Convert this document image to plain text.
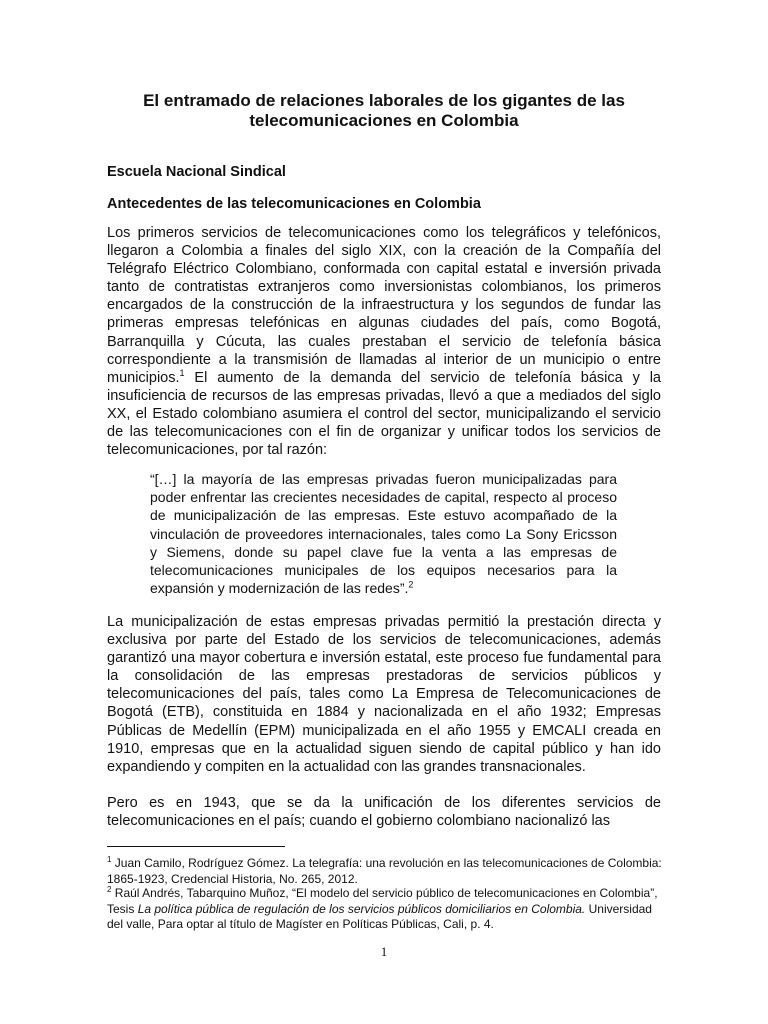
El entramado de relaciones laborales de los gigantes de las telecomunicaciones en Colombia

Escuela Nacional Sindical

Antecedentes de las telecomunicaciones en Colombia

Los primeros servicios de telecomunicaciones como los telegráficos y telefónicos, llegaron a Colombia a finales del siglo XIX, con la creación de la Compañía del Telégrafo Eléctrico Colombiano, conformada con capital estatal e inversión privada tanto de contratistas extranjeros como inversionistas colombianos, los primeros encargados de la construcción de la infraestructura y los segundos de fundar las primeras empresas telefónicas en algunas ciudades del país, como Bogotá, Barranquilla y Cúcuta, las cuales prestaban el servicio de telefonía básica correspondiente a la transmisión de llamadas al interior de un municipio o entre municipios.$^1$ El aumento de la demanda del servicio de telefonía básica y la insuficiencia de recursos de las empresas privadas, llevó a que a mediados del siglo XX, el Estado colombiano asumiera el control del sector, municipalizando el servicio de las telecomunicaciones con el fin de organizar y unificar todos los servicios de telecomunicaciones, por tal razón:

“[…] la mayoría de las empresas privadas fueron municipalizadas para poder enfrentar las crecientes necesidades de capital, respecto al proceso de municipalización de las empresas. Este estuvo acompañado de la vinculación de proveedores internacionales, tales como La Sony Ericsson y Siemens, donde su papel clave fue la venta a las empresas de telecomunicaciones municipales de los equipos necesarios para la expansión y modernización de las redes”.$^2$

La municipalización de estas empresas privadas permitió la prestación directa y exclusiva por parte del Estado de los servicios de telecomunicaciones, además garantizó una mayor cobertura e inversión estatal, este proceso fue fundamental para la consolidación de las empresas prestadoras de servicios públicos y telecomunicaciones del país, tales como La Empresa de Telecomunicaciones de Bogotá (ETB), constituida en 1884 y nacionalizada en el año 1932; Empresas Públicas de Medellín (EPM) municipalizada en el año 1955 y EMCALI creada en 1910, empresas que en la actualidad siguen siendo de capital público y han ido expandiendo y compiten en la actualidad con las grandes transnacionales.

Pero es en 1943, que se da la unificación de los diferentes servicios de telecomunicaciones en el país; cuando el gobierno colombiano nacionalizó las

$^1$ Juan Camilo, Rodríguez Gómez. La telegrafía: una revolución en las telecomunicaciones de Colombia: 1865-1923, Credencial Historia, No. 265, 2012.

$^2$ Raúl Andrés, Tabarquino Muñoz, “El modelo del servicio público de telecomunicaciones en Colombia”, Tesis La política pública de regulación de los servicios públicos domiciliarios en Colombia. Universidad del valle, Para optar al título de Magíster en Políticas Públicas, Cali, p. 4.

1
